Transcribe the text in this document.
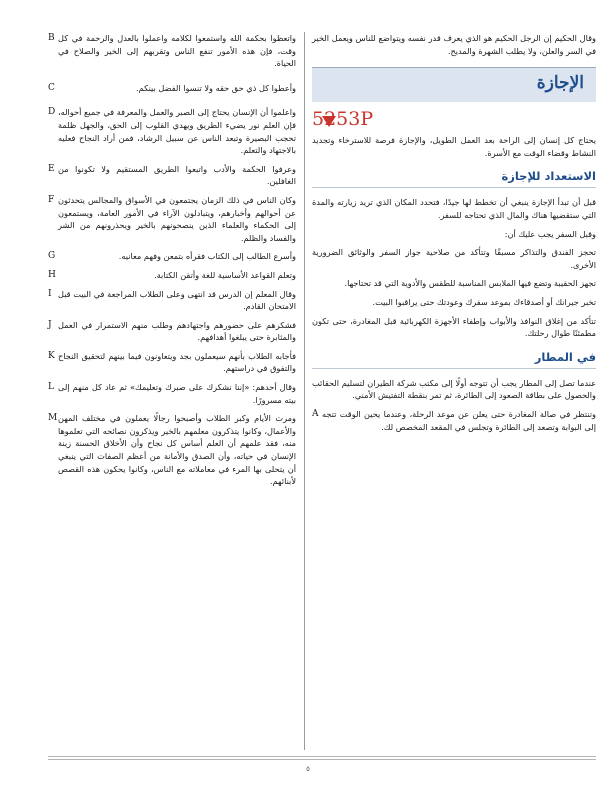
B واتعظوا بحكمة الله واستمعوا لكلامه واعملوا بالعدل والرحمة في كل وقت، فإن هذه الأمور تنفع الناس وتقربهم إلى الخير والصلاح في الحياة.
C	وأعطوا كل ذي حق حقه ولا تنسوا الفضل بينكم.
D واعلموا أن الإنسان يحتاج إلى الصبر والعمل والمعرفة في جميع أحواله، فإن العلم نور يضيء الطريق ويهدي القلوب إلى الحق، والجهل ظلمة تحجب البصيرة وتبعد الناس عن سبيل الرشاد، فمن أراد النجاح فعليه بالاجتهاد والتعلم.
E وعرفوا الحكمة والأدب واتبعوا الطريق المستقيم ولا تكونوا من الغافلين.
F وكان الناس في ذلك الزمان يجتمعون في الأسواق والمجالس يتحدثون عن أحوالهم وأخبارهم، ويتبادلون الآراء في الأمور العامة، ويستمعون إلى الحكماء والعلماء الذين ينصحونهم بالخير ويحذرونهم من الشر والفساد والظلم.
G	وأسرع الطالب إلى الكتاب فقرأه بتمعن وفهم معانيه.
H	وتعلم القواعد الأساسية للغة وأتقن الكتابة.
I وقال المعلم إن الدرس قد انتهى وعلى الطلاب المراجعة في البيت قبل الامتحان القادم.
J فشكرهم على حضورهم واجتهادهم وطلب منهم الاستمرار في العمل والمثابرة حتى يبلغوا أهدافهم.
K فأجابه الطلاب بأنهم سيعملون بجد ويتعاونون فيما بينهم لتحقيق النجاح والتفوق في دراستهم.
L وقال أحدهم: «إننا نشكرك على صبرك وتعليمك» ثم عاد كل منهم إلى بيته مسرورًا.
M ومرت الأيام وكبر الطلاب وأصبحوا رجالًا يعملون في مختلف المهن والأعمال، وكانوا يتذكرون معلمهم بالخير ويذكرون نصائحه التي تعلموها منه، فقد علمهم أن العلم أساس كل نجاح وأن الأخلاق الحسنة زينة الإنسان في حياته، وأن الصدق والأمانة من أعظم الصفات التي ينبغي أن يتحلى بها المرء في معاملاته مع الناس، وكانوا يحكون هذه القصص لأبنائهم.

وقال الحكيم إن الرجل الحكيم هو الذي يعرف قدر نفسه ويتواضع للناس ويعمل الخير في السر والعلن، ولا يطلب الشهرة والمديح.

الإجازة
5253P

يحتاج كل إنسان إلى الراحة بعد العمل الطويل، والإجازة فرصة للاسترخاء وتجديد النشاط وقضاء الوقت مع الأسرة.

الاستعداد للإجازة

قبل أن تبدأ الإجازة ينبغي أن تخطط لها جيدًا، فتحدد المكان الذي تريد زيارته والمدة التي ستقضيها هناك والمال الذي تحتاجه للسفر.

وقبل السفر يجب عليك أن:

تحجز الفندق والتذاكر مسبقًا وتتأكد من صلاحية جواز السفر والوثائق الضرورية الأخرى.

تجهز الحقيبة وتضع فيها الملابس المناسبة للطقس والأدوية التي قد تحتاجها.

تخبر جيرانك أو أصدقاءك بموعد سفرك وعودتك حتى يراقبوا البيت.

تتأكد من إغلاق النوافذ والأبواب وإطفاء الأجهزة الكهربائية قبل المغادرة، حتى تكون مطمئنًا طوال رحلتك.

في المطار

عندما تصل إلى المطار يجب أن تتوجه أولًا إلى مكتب شركة الطيران لتسليم الحقائب والحصول على بطاقة الصعود إلى الطائرة، ثم تمر بنقطة التفتيش الأمني.

A وتنتظر في صالة المغادرة حتى يعلن عن موعد الرحلة، وعندما يحين الوقت تتجه إلى البوابة وتصعد إلى الطائرة وتجلس في المقعد المخصص لك.
٥
